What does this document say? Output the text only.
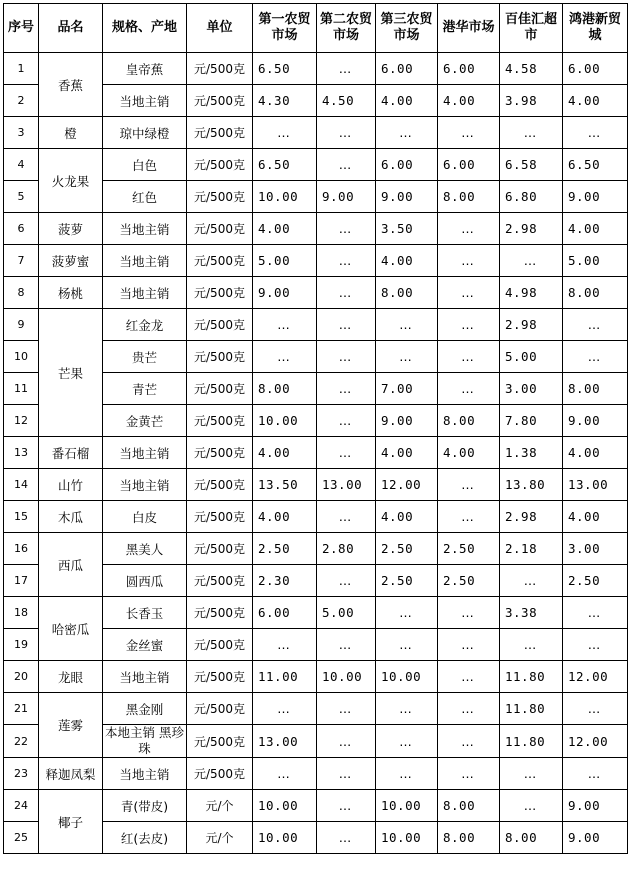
序号	品名	规格、产地	单位	第一农贸市场	第二农贸市场	第三农贸市场	港华市场	百佳汇超市	鸿港新贸城
1	香蕉	皇帝蕉	元/500克	6.50	…	6.00	6.00	4.58	6.00
2		当地主销	元/500克	4.30	4.50	4.00	4.00	3.98	4.00
3	橙	琼中绿橙	元/500克	…	…	…	…	…	…
4	火龙果	白色	元/500克	6.50	…	6.00	6.00	6.58	6.50
5		红色	元/500克	10.00	9.00	9.00	8.00	6.80	9.00
6	菠萝	当地主销	元/500克	4.00	…	3.50	…	2.98	4.00
7	菠萝蜜	当地主销	元/500克	5.00	…	4.00	…	…	5.00
8	杨桃	当地主销	元/500克	9.00	…	8.00	…	4.98	8.00
9	芒果	红金龙	元/500克	…	…	…	…	2.98	…
10		贵芒	元/500克	…	…	…	…	5.00	…
11		青芒	元/500克	8.00	…	7.00	…	3.00	8.00
12		金黄芒	元/500克	10.00	…	9.00	8.00	7.80	9.00
13	番石榴	当地主销	元/500克	4.00	…	4.00	4.00	1.38	4.00
14	山竹	当地主销	元/500克	13.50	13.00	12.00	…	13.80	13.00
15	木瓜	白皮	元/500克	4.00	…	4.00	…	2.98	4.00
16	西瓜	黑美人	元/500克	2.50	2.80	2.50	2.50	2.18	3.00
17		圆西瓜	元/500克	2.30	…	2.50	2.50	…	2.50
18	哈密瓜	长香玉	元/500克	6.00	5.00	…	…	3.38	…
19		金丝蜜	元/500克	…	…	…	…	…	…
20	龙眼	当地主销	元/500克	11.00	10.00	10.00	…	11.80	12.00
21	莲雾	黑金刚	元/500克	…	…	…	…	11.80	…
22		本地主销 黑珍珠	元/500克	13.00	…	…	…	11.80	12.00
23	释迦凤梨	当地主销	元/500克	…	…	…	…	…	…
24	椰子	青(带皮)	元/个	10.00	…	10.00	8.00	…	9.00
25		红(去皮)	元/个	10.00	…	10.00	8.00	8.00	9.00
